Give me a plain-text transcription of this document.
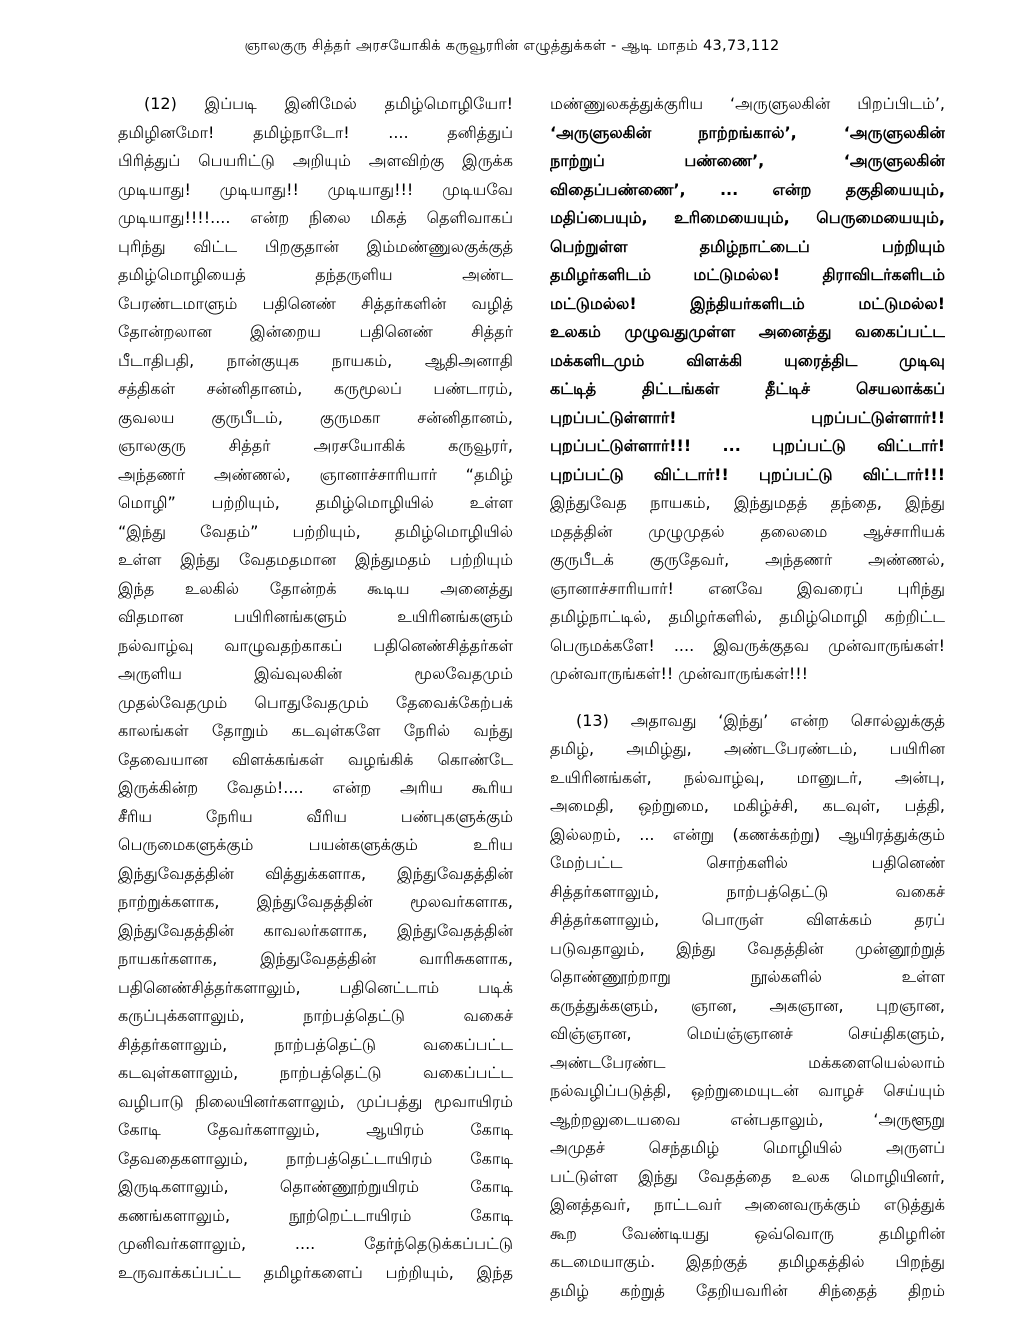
ஞாலகுரு சித்தர் அரசயோகிக் கருவூரரின் எழுத்துக்கள் - ஆடி மாதம் 43,73,112
(12) இப்படி இனிமேல் தமிழ்மொழியோ!
தமிழினமோ! தமிழ்நாடோ! .... தனித்துப்
பிரித்துப் பெயரிட்டு அறியும் அளவிற்கு இருக்க
முடியாது! முடியாது!! முடியாது!!! முடியவே
முடியாது!!!!.... என்ற நிலை மிகத் தெளிவாகப்
புரிந்து விட்ட பிறகுதான் இம்மண்ணுலகுக்குத்
தமிழ்மொழியைத் தந்தருளிய அண்ட
பேரண்டமாளும் பதினெண் சித்தர்களின் வழித்
தோன்றலான இன்றைய பதினெண் சித்தர்
பீடாதிபதி, நான்குயுக நாயகம், ஆதிஅனாதி
சத்திகள் சன்னிதானம், கருமூலப் பண்டாரம்,
குவலய குருபீடம், குருமகா சன்னிதானம்,
ஞாலகுரு சித்தர் அரசயோகிக் கருவூரர்,
அந்தணர் அண்ணல், ஞானாச்சாரியார் “தமிழ்
மொழி” பற்றியும், தமிழ்மொழியில் உள்ள
“இந்து வேதம்” பற்றியும், தமிழ்மொழியில்
உள்ள இந்து வேதமதமான இந்துமதம் பற்றியும்
இந்த உலகில் தோன்றக் கூடிய அனைத்து
விதமான பயிரினங்களும் உயிரினங்களும்
நல்வாழ்வு வாழுவதற்காகப் பதினெண்சித்தர்கள்
அருளிய இவ்வுலகின் மூலவேதமும்
முதல்வேதமும் பொதுவேதமும் தேவைக்கேற்பக்
காலங்கள் தோறும் கடவுள்களே நேரில் வந்து
தேவையான விளக்கங்கள் வழங்கிக் கொண்டே
இருக்கின்ற வேதம்!.... என்ற அரிய கூரிய
சீரிய நேரிய வீரிய பண்புகளுக்கும்
பெருமைகளுக்கும் பயன்களுக்கும் உரிய
இந்துவேதத்தின் வித்துக்களாக, இந்துவேதத்தின்
நாற்றுக்களாக, இந்துவேதத்தின் மூலவர்களாக,
இந்துவேதத்தின் காவலர்களாக, இந்துவேதத்தின்
நாயகர்களாக, இந்துவேதத்தின் வாரிசுகளாக,
பதினெண்சித்தர்களாலும், பதினெட்டாம் படிக்
கருப்புக்களாலும், நாற்பத்தெட்டு வகைச்
சித்தர்களாலும், நாற்பத்தெட்டு வகைப்பட்ட
கடவுள்களாலும், நாற்பத்தெட்டு வகைப்பட்ட
வழிபாடு நிலையினர்களாலும், முப்பத்து மூவாயிரம்
கோடி தேவர்களாலும், ஆயிரம் கோடி
தேவதைகளாலும், நாற்பத்தெட்டாயிரம் கோடி
இருடிகளாலும், தொண்ணூற்றுயிரம் கோடி
கணங்களாலும், நூற்றெட்டாயிரம் கோடி
முனிவர்களாலும், .... தேர்ந்தெடுக்கப்பட்டு
உருவாக்கப்பட்ட தமிழர்களைப் பற்றியும், இந்த
மண்ணுலகத்துக்குரிய ‘அருளுலகின் பிறப்பிடம்’,
‘அருளுலகின் நாற்றங்கால்’, ‘அருளுலகின்
நாற்றுப் பண்ணை’, ‘அருளுலகின்
விதைப்பண்ணை’, ... என்ற தகுதியையும்,
மதிப்பையும், உரிமையையும், பெருமையையும்,
பெற்றுள்ள தமிழ்நாட்டைப் பற்றியும்
தமிழர்களிடம் மட்டுமல்ல! திராவிடர்களிடம்
மட்டுமல்ல! இந்தியர்களிடம் மட்டுமல்ல!
உலகம் முழுவதுமுள்ள அனைத்து வகைப்பட்ட
மக்களிடமும் விளக்கி யுரைத்திட முடிவு
கட்டித் திட்டங்கள் தீட்டிச் செயலாக்கப்
புறப்பட்டுள்ளார்! புறப்பட்டுள்ளார்!!
புறப்பட்டுள்ளார்!!! ... புறப்பட்டு விட்டார்!
புறப்பட்டு விட்டார்!! புறப்பட்டு விட்டார்!!!
இந்துவேத நாயகம், இந்துமதத் தந்தை, இந்து
மதத்தின் முழுமுதல் தலைமை ஆச்சாரியக்
குருபீடக் குருதேவர், அந்தணர் அண்ணல்,
ஞானாச்சாரியார்! எனவே இவரைப் புரிந்து
தமிழ்நாட்டில், தமிழர்களில், தமிழ்மொழி கற்றிட்ட
பெருமக்களே! .... இவருக்குதவ முன்வாருங்கள்!
முன்வாருங்கள்!! முன்வாருங்கள்!!!
(13) அதாவது ‘இந்து’ என்ற சொல்லுக்குத்
தமிழ், அமிழ்து, அண்டபேரண்டம், பயிரின
உயிரினங்கள், நல்வாழ்வு, மானுடர், அன்பு,
அமைதி, ஒற்றுமை, மகிழ்ச்சி, கடவுள், பத்தி,
இல்லறம், ... என்று (கணக்கற்று) ஆயிரத்துக்கும்
மேற்பட்ட சொற்களில் பதினெண்
சித்தர்களாலும், நாற்பத்தெட்டு வகைச்
சித்தர்களாலும், பொருள் விளக்கம் தரப்
படுவதாலும், இந்து வேதத்தின் முன்னூற்றுத்
தொண்ணூற்றாறு நூல்களில் உள்ள
கருத்துக்களும், ஞான, அகஞான, புறஞான,
விஞ்ஞான, மெய்ஞ்ஞானச் செய்திகளும்,
அண்டபேரண்ட மக்களையெல்லாம்
நல்வழிப்படுத்தி, ஒற்றுமையுடன் வாழச் செய்யும்
ஆற்றலுடையவை என்பதாலும், ‘அருளூறு
அமுதச் செந்தமிழ் மொழியில் அருளப்
பட்டுள்ள இந்து வேதத்தை உலக மொழியினர்,
இனத்தவர், நாட்டவர் அனைவருக்கும் எடுத்துக்
கூற வேண்டியது ஒவ்வொரு தமிழரின்
கடமையாகும். இதற்குத் தமிழகத்தில் பிறந்து
தமிழ் கற்றுத் தேறியவரின் சிந்தைத் திறம்
